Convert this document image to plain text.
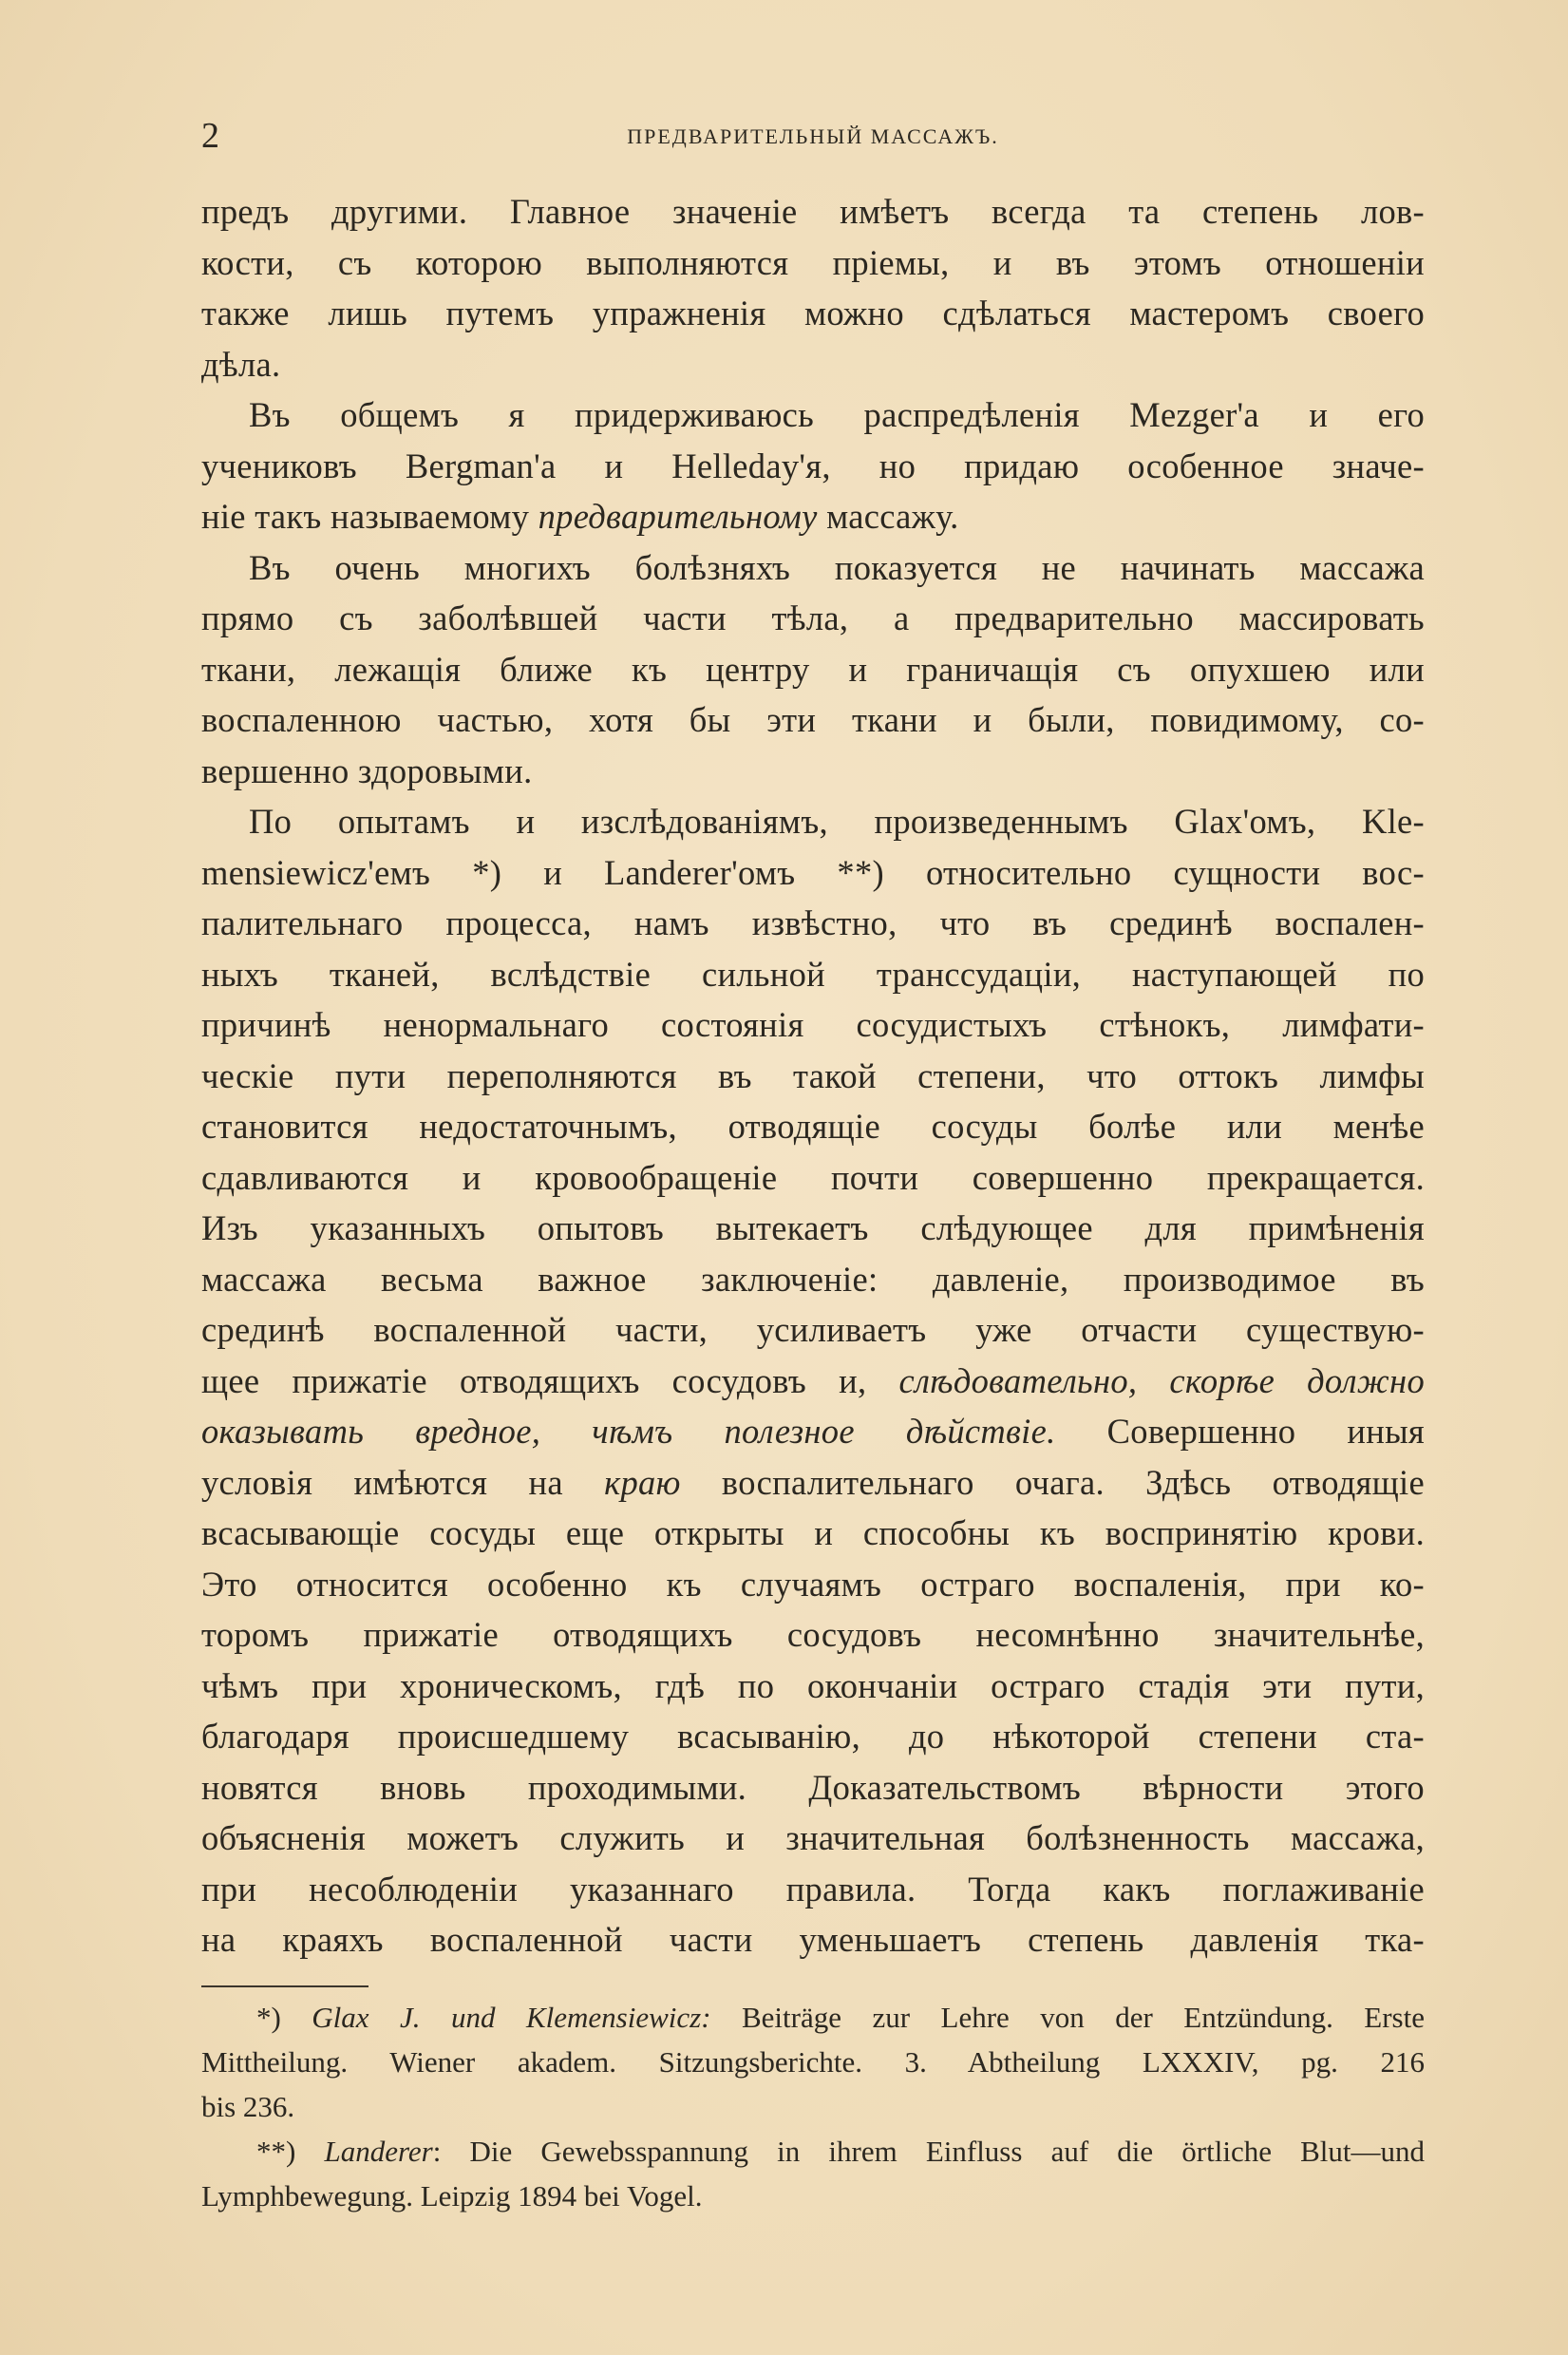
2	ПРЕДВАРИТЕЛЬНЫЙ МАССАЖЪ.
предъ другими. Главное значенiе имѣетъ всегда та степень лов-
кости, съ которою выполняются прiемы, и въ этомъ отношенiи
также лишь путемъ упражненiя можно сдѣлаться мастеромъ своего
дѣла.
Въ общемъ я придерживаюсь распредѣленiя Mezger'a и его
учениковъ Bergman'a и Helleday'я, но придаю особенное значе-
нiе такъ называемому предварительному массажу.
Въ очень многихъ болѣзняхъ показуется не начинать массажа
прямо съ заболѣвшей части тѣла, а предварительно массировать
ткани, лежащiя ближе къ центру и граничащiя съ опухшею или
воспаленною частью, хотя бы эти ткани и были, повидимому, со-
вершенно здоровыми.
По опытамъ и изслѣдованiямъ, произведеннымъ Glax'омъ, Kle-
mensiewicz'емъ *) и Landerer'омъ **) относительно сущности вос-
палительнаго процесса, намъ извѣстно, что въ срединѣ воспален-
ныхъ тканей, вслѣдствiе сильной транссудацiи, наступающей по
причинѣ ненормальнаго состоянiя сосудистыхъ стѣнокъ, лимфати-
ческiе пути переполняются въ такой степени, что оттокъ лимфы
становится недостаточнымъ, отводящiе сосуды болѣе или менѣе
сдавливаются и кровообращенiе почти совершенно прекращается.
Изъ указанныхъ опытовъ вытекаетъ слѣдующее для примѣненiя
массажа весьма важное заключенiе: давленiе, производимое въ
срединѣ воспаленной части, усиливаетъ уже отчасти существую-
щее прижатiе отводящихъ сосудовъ и, слѣдовательно, скорѣе должно
оказывать вредное, чѣмъ полезное дѣйствiе. Совершенно иныя
условiя имѣются на краю воспалительнаго очага. Здѣсь отводящiе
всасывающiе сосуды еще открыты и способны къ воспринятiю крови.
Это относится особенно къ случаямъ остраго воспаленiя, при ко-
торомъ прижатiе отводящихъ сосудовъ несомнѣнно значительнѣе,
чѣмъ при хроническомъ, гдѣ по окончанiи остраго стадiя эти пути,
благодаря происшедшему всасыванiю, до нѣкоторой степени ста-
новятся вновь проходимыми. Доказательствомъ вѣрности этого
объясненiя можетъ служить и значительная болѣзненность массажа,
при несоблюденiи указаннаго правила. Тогда какъ поглаживанiе
на краяхъ воспаленной части уменьшаетъ степень давленiя тка-
*) Glax J. und Klemensiewicz: Beiträge zur Lehre von der Entzündung. Erste
Mittheilung. Wiener akadem. Sitzungsberichte. 3. Abtheilung LXXXIV, pg. 216
bis 236.
**) Landerer: Die Gewebsspannung in ihrem Einfluss auf die örtliche Blut—und
Lymphbewegung. Leipzig 1894 bei Vogel.
